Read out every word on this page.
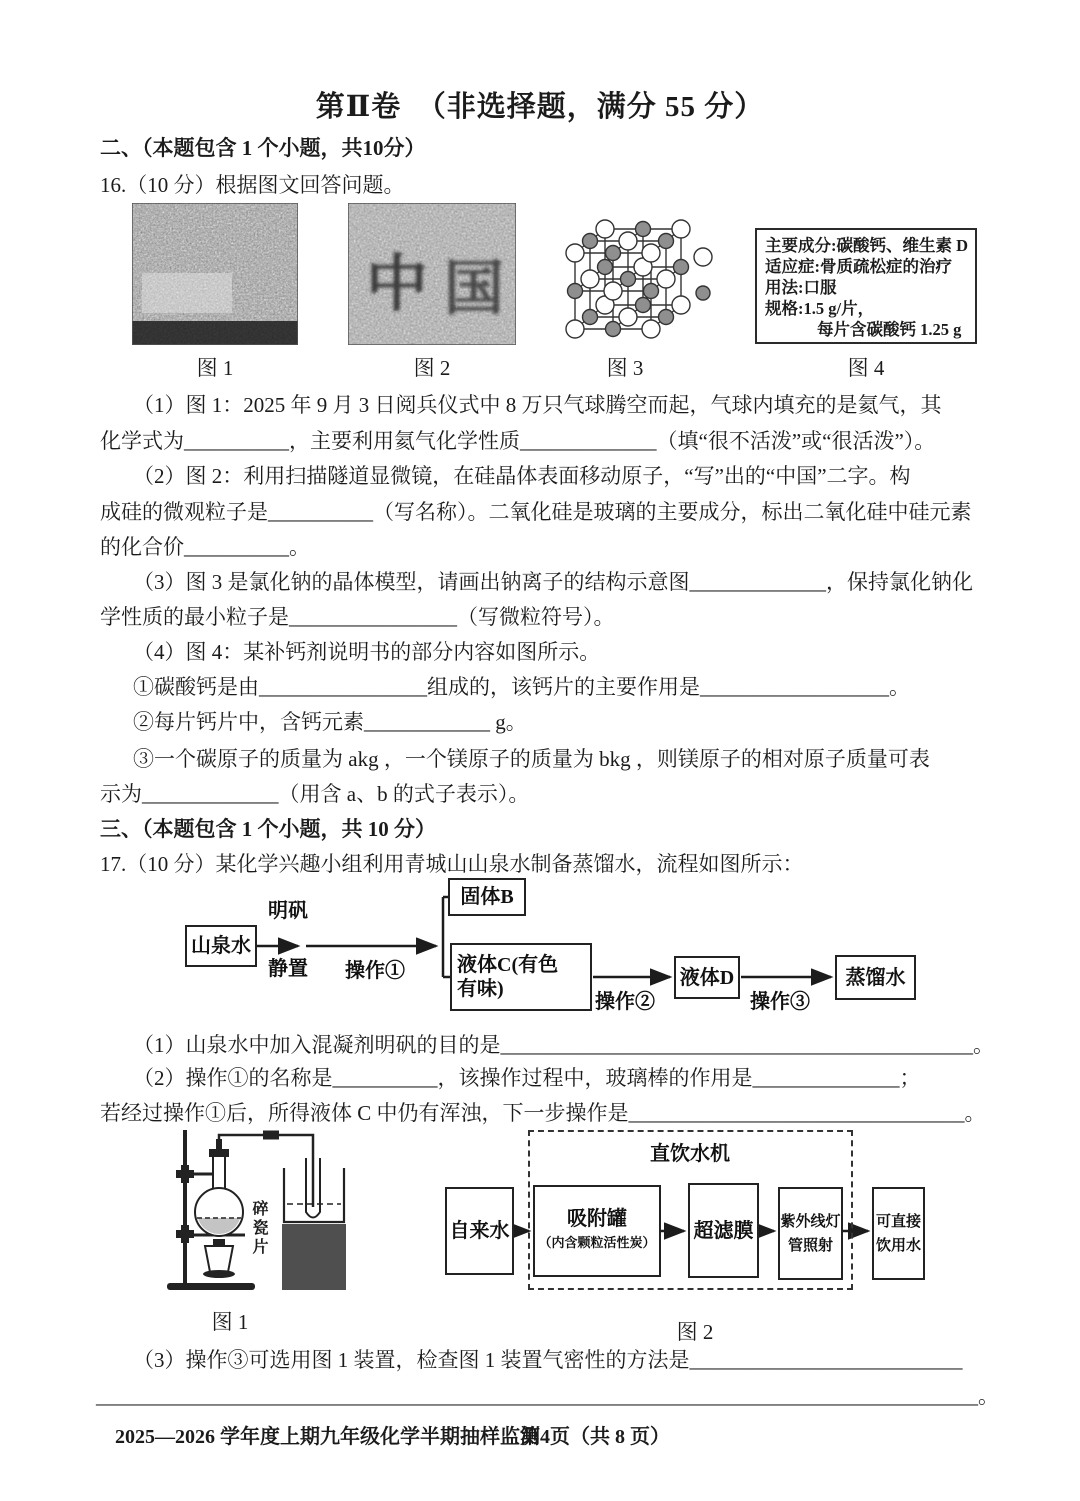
第Ⅱ卷　（非选择题，满分 55 分）
二、（本题包含 1 个小题，共10分）
16.（10 分）根据图文回答问题。
中 国
主要成分:碳酸钙、维生素 D
适应症:骨质疏松症的治疗
用法:口服
规格:1.5 g/片，
每片含碳酸钙 1.25 g
图 1	图 2	图 3	图 4
（1）图 1：2025 年 9 月 3 日阅兵仪式中 8 万只气球腾空而起，气球内填充的是氦气，其
化学式为__________，主要利用氦气化学性质_____________（填“很不活泼”或“很活泼”）。
（2）图 2：利用扫描隧道显微镜，在硅晶体表面移动原子，“写”出的“中国”二字。构
成硅的微观粒子是__________（写名称）。二氧化硅是玻璃的主要成分，标出二氧化硅中硅元素
的化合价__________。
（3）图 3 是氯化钠的晶体模型，请画出钠离子的结构示意图_____________，保持氯化钠化
学性质的最小粒子是________________（写微粒符号）。
（4）图 4：某补钙剂说明书的部分内容如图所示。
①碳酸钙是由________________组成的，该钙片的主要作用是__________________。
②每片钙片中，含钙元素____________ g。
③一个碳原子的质量为 akg ，一个镁原子的质量为 bkg ，则镁原子的相对原子质量可表
示为_____________（用含 a、b 的式子表示）。
三、（本题包含 1 个小题，共 10 分）
17.（10 分）某化学兴趣小组利用青城山山泉水制备蒸馏水，流程如图所示：
山泉水
明矾
静置 操作①
固体B
液体C(有色
有味)
操作②
液体D
操作③
蒸馏水
（1）山泉水中加入混凝剂明矾的目的是_____________________________________________。
（2）操作①的名称是__________，该操作过程中，玻璃棒的作用是______________；
若经过操作①后，所得液体 C 中仍有浑浊，下一步操作是________________________________。
碎瓷片
图 1
直饮水机
自来水
吸附罐
（内含颗粒活性炭）
超滤膜	紫外线灯
管照射
可直接
饮用水
图 2
（3）操作③可选用图 1 装置，检查图 1 装置气密性的方法是__________________________
____________________________________________________________________________________。
2025—2026 学年度上期九年级化学半期抽样监测
第4页（共 8 页）
